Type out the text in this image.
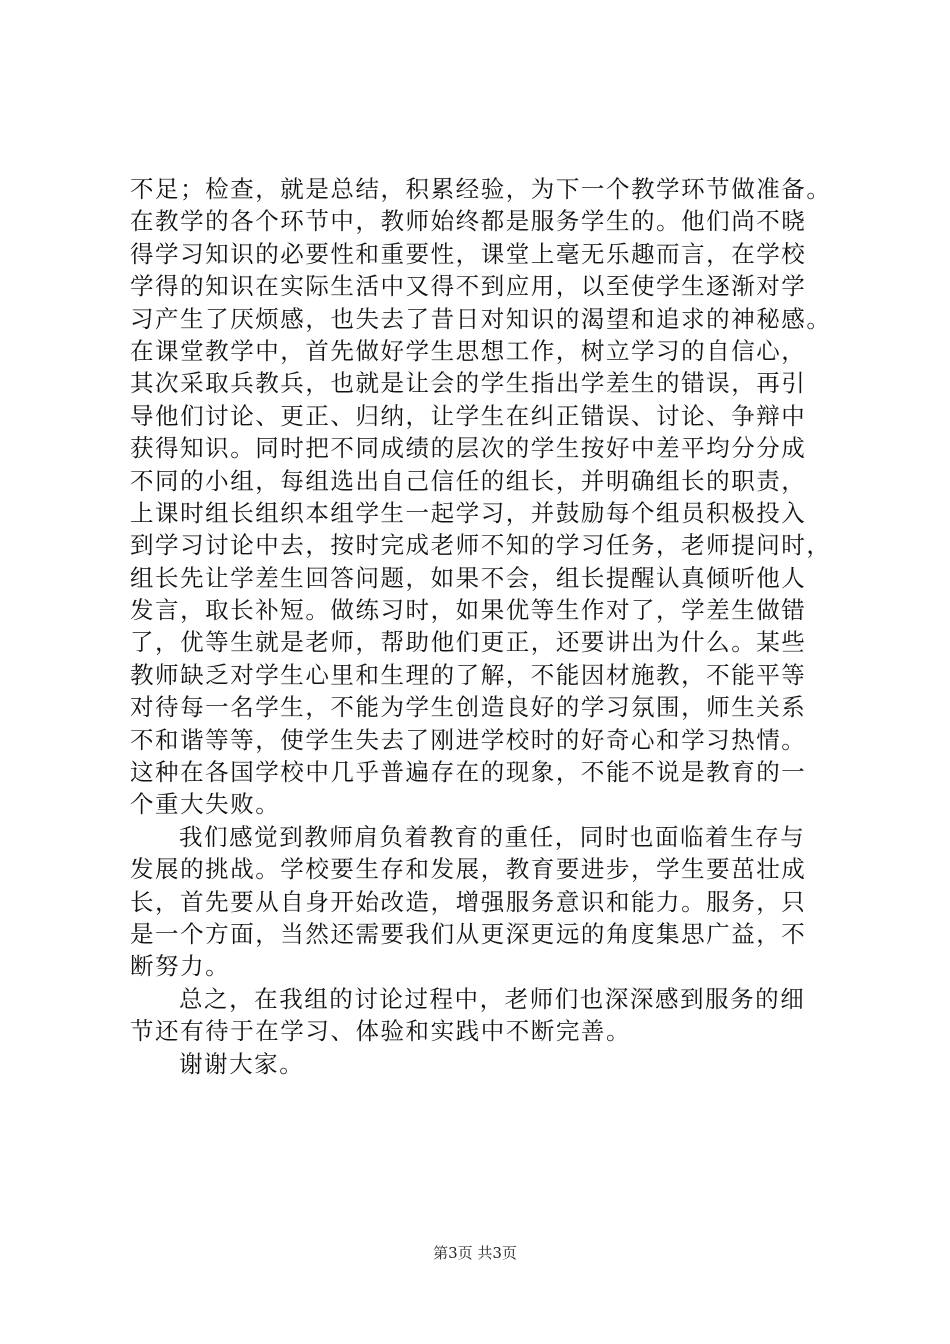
不足；检查，就是总结，积累经验，为下一个教学环节做准备。
在教学的各个环节中，教师始终都是服务学生的。他们尚不晓
得学习知识的必要性和重要性，课堂上毫无乐趣而言，在学校
学得的知识在实际生活中又得不到应用，以至使学生逐渐对学
习产生了厌烦感，也失去了昔日对知识的渴望和追求的神秘感。
在课堂教学中，首先做好学生思想工作，树立学习的自信心，
其次采取兵教兵，也就是让会的学生指出学差生的错误，再引
导他们讨论、更正、归纳，让学生在纠正错误、讨论、争辩中
获得知识。同时把不同成绩的层次的学生按好中差平均分分成
不同的小组，每组选出自己信任的组长，并明确组长的职责，
上课时组长组织本组学生一起学习，并鼓励每个组员积极投入
到学习讨论中去，按时完成老师不知的学习任务，老师提问时，
组长先让学差生回答问题，如果不会，组长提醒认真倾听他人
发言，取长补短。做练习时，如果优等生作对了，学差生做错
了，优等生就是老师，帮助他们更正，还要讲出为什么。某些
教师缺乏对学生心里和生理的了解，不能因材施教，不能平等
对待每一名学生，不能为学生创造良好的学习氛围，师生关系
不和谐等等，使学生失去了刚进学校时的好奇心和学习热情。
这种在各国学校中几乎普遍存在的现象，不能不说是教育的一
个重大失败。
我们感觉到教师肩负着教育的重任，同时也面临着生存与
发展的挑战。学校要生存和发展，教育要进步，学生要茁壮成
长，首先要从自身开始改造，增强服务意识和能力。服务，只
是一个方面，当然还需要我们从更深更远的角度集思广益，不
断努力。
总之，在我组的讨论过程中，老师们也深深感到服务的细
节还有待于在学习、体验和实践中不断完善。
谢谢大家。
第3页 共3页
